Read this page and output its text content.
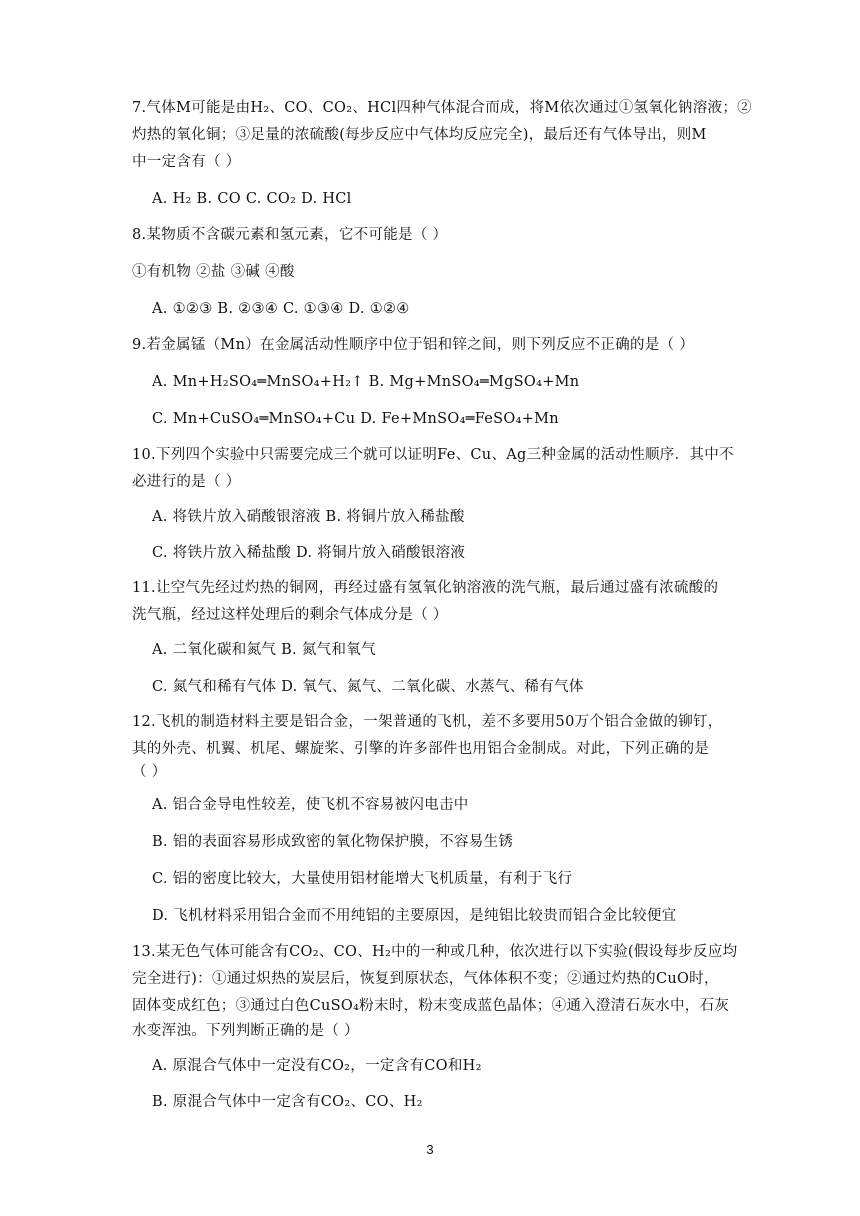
7.气体M可能是由H₂、CO、CO₂、HCl四种气体混合而成，将M依次通过①氢氧化钠溶液；②
灼热的氧化铜；③足量的浓硫酸(每步反应中气体均反应完全)，最后还有气体导出，则M
中一定含有（ ）
A. H₂ B. CO C. CO₂ D. HCl
8.某物质不含碳元素和氢元素，它不可能是（ ）
①有机物 ②盐 ③碱 ④酸
A. ①②③ B. ②③④ C. ①③④ D. ①②④
9.若金属锰（Mn）在金属活动性顺序中位于铝和锌之间，则下列反应不正确的是（ ）
A. Mn+H₂SO₄═MnSO₄+H₂↑ B. Mg+MnSO₄═MgSO₄+Mn
C. Mn+CuSO₄═MnSO₄+Cu D. Fe+MnSO₄═FeSO₄+Mn
10.下列四个实验中只需要完成三个就可以证明Fe、Cu、Ag三种金属的活动性顺序．其中不
必进行的是（ ）
A. 将铁片放入硝酸银溶液 B. 将铜片放入稀盐酸
C. 将铁片放入稀盐酸 D. 将铜片放入硝酸银溶液
11.让空气先经过灼热的铜网，再经过盛有氢氧化钠溶液的洗气瓶，最后通过盛有浓硫酸的
洗气瓶，经过这样处理后的剩余气体成分是（ ）
A. 二氧化碳和氮气 B. 氮气和氧气
C. 氮气和稀有气体 D. 氧气、氮气、二氧化碳、水蒸气、稀有气体
12.飞机的制造材料主要是铝合金，一架普通的飞机，差不多要用50万个铝合金做的铆钉，
其的外壳、机翼、机尾、螺旋桨、引擎的许多部件也用铝合金制成。对此，下列正确的是
（ ）
A. 铝合金导电性较差，使飞机不容易被闪电击中
B. 铝的表面容易形成致密的氧化物保护膜，不容易生锈
C. 铝的密度比较大，大量使用铝材能增大飞机质量，有利于飞行
D. 飞机材料采用铝合金而不用纯铝的主要原因，是纯铝比较贵而铝合金比较便宜
13.某无色气体可能含有CO₂、CO、H₂中的一种或几种，依次进行以下实验(假设每步反应均
完全进行)：①通过炽热的炭层后，恢复到原状态，气体体积不变；②通过灼热的CuO时，
固体变成红色；③通过白色CuSO₄粉末时，粉末变成蓝色晶体；④通入澄清石灰水中，石灰
水变浑浊。下列判断正确的是（ ）
A. 原混合气体中一定没有CO₂，一定含有CO和H₂
B. 原混合气体中一定含有CO₂、CO、H₂
3
